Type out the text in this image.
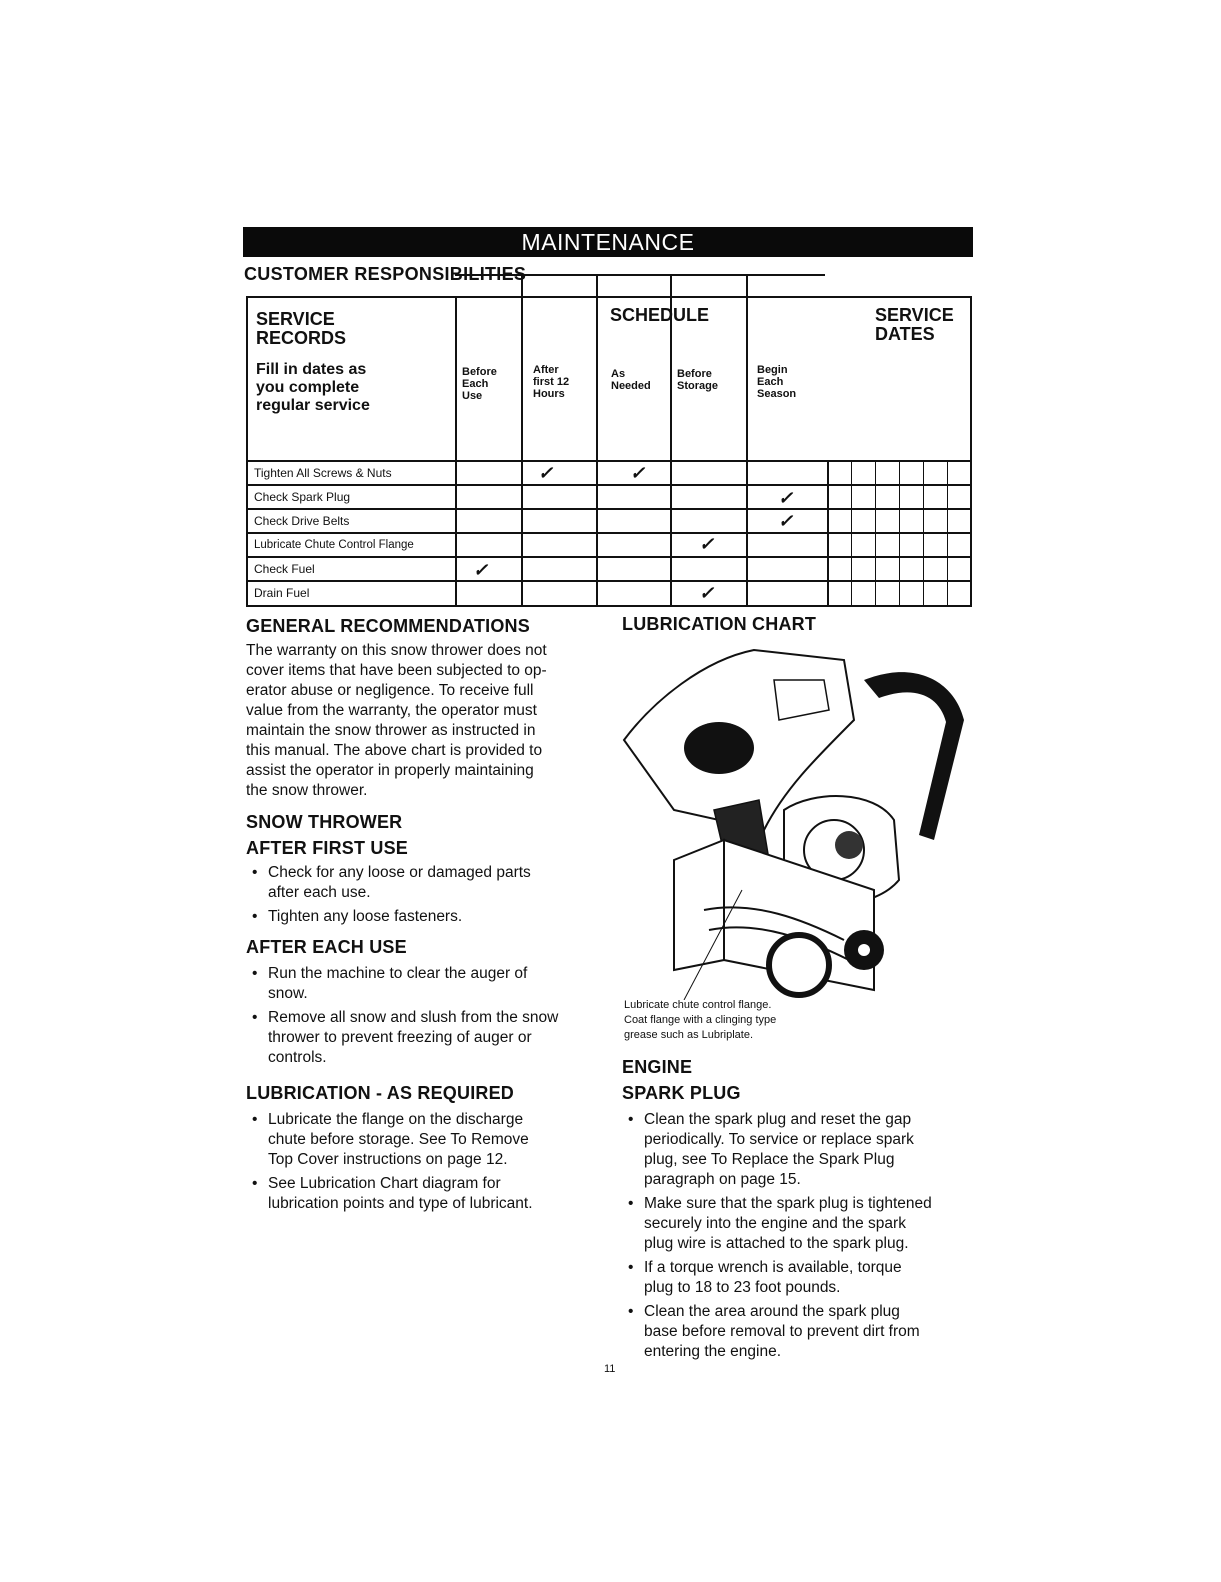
MAINTENANCE
CUSTOMER RESPONSIBILITIES
SERVICE
RECORDS
Fill in dates as
you complete
regular service
SCHEDULE	SERVICE
DATES
Before
Each
Use
After
first 12
Hours
As
Needed
Before
Storage
Begin
Each
Season
Tighten All Screws & Nuts
Check Spark Plug
Check Drive Belts
Lubricate Chute Control Flange
Check Fuel
Drain Fuel
✓	✓
✓
✓
✓
✓
✓
GENERAL RECOMMENDATIONS
The warranty on this snow thrower does not
cover items that have been subjected to op-
erator abuse or negligence. To receive full
value from the warranty, the operator must
maintain the snow thrower as instructed in
this manual. The above chart is provided to
assist the operator in properly maintaining
the snow thrower.
SNOW THROWER
AFTER FIRST USE
• Check for any loose or damaged parts
after each use.
• Tighten any loose fasteners.
AFTER EACH USE
• Run the machine to clear the auger of
snow.
• Remove all snow and slush from the snow
thrower to prevent freezing of auger or
controls.
LUBRICATION - AS REQUIRED
• Lubricate the flange on the discharge
chute before storage. See To Remove
Top Cover instructions on page 12.
• See Lubrication Chart diagram for
lubrication points and type of lubricant.
LUBRICATION CHART
Lubricate chute control flange.
Coat flange with a clinging type
grease such as Lubriplate.
ENGINE
SPARK PLUG
• Clean the spark plug and reset the gap
periodically. To service or replace spark
plug, see To Replace the Spark Plug
paragraph on page 15.
• Make sure that the spark plug is tightened
securely into the engine and the spark
plug wire is attached to the spark plug.
• If a torque wrench is available, torque
plug to 18 to 23 foot pounds.
• Clean the area around the spark plug
base before removal to prevent dirt from
entering the engine.
11
